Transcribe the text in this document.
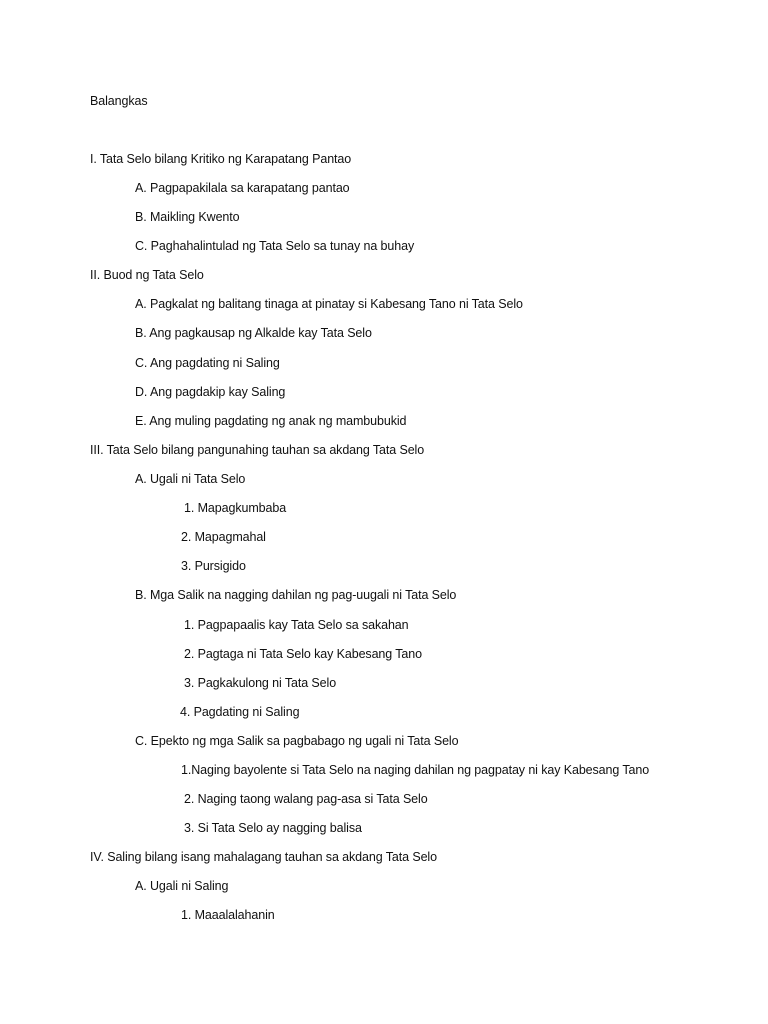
Balangkas
I. Tata Selo bilang Kritiko ng Karapatang Pantao
A. Pagpapakilala sa karapatang pantao
B. Maikling Kwento
C. Paghahalintulad ng Tata Selo sa tunay na buhay
II. Buod ng Tata Selo
A. Pagkalat ng balitang tinaga at pinatay si Kabesang Tano ni Tata Selo
B. Ang pagkausap ng Alkalde kay Tata Selo
C. Ang pagdating ni Saling
D. Ang pagdakip kay Saling
E. Ang muling pagdating ng anak ng mambubukid
III. Tata Selo bilang pangunahing tauhan sa akdang Tata Selo
A. Ugali ni Tata Selo
1. Mapagkumbaba
2. Mapagmahal
3. Pursigido
B. Mga Salik na nagging dahilan ng pag-uugali ni Tata Selo
1. Pagpapaalis kay Tata Selo sa sakahan
2. Pagtaga ni Tata Selo kay Kabesang Tano
3. Pagkakulong ni Tata Selo
4. Pagdating ni Saling
C. Epekto ng mga Salik sa pagbabago ng ugali ni Tata Selo
1.Naging bayolente si Tata Selo na naging dahilan ng pagpatay ni kay Kabesang Tano
2. Naging taong walang pag-asa si Tata Selo
3. Si Tata Selo ay nagging balisa
IV. Saling bilang isang mahalagang tauhan sa akdang Tata Selo
A. Ugali ni Saling
1. Maaalalahanin
